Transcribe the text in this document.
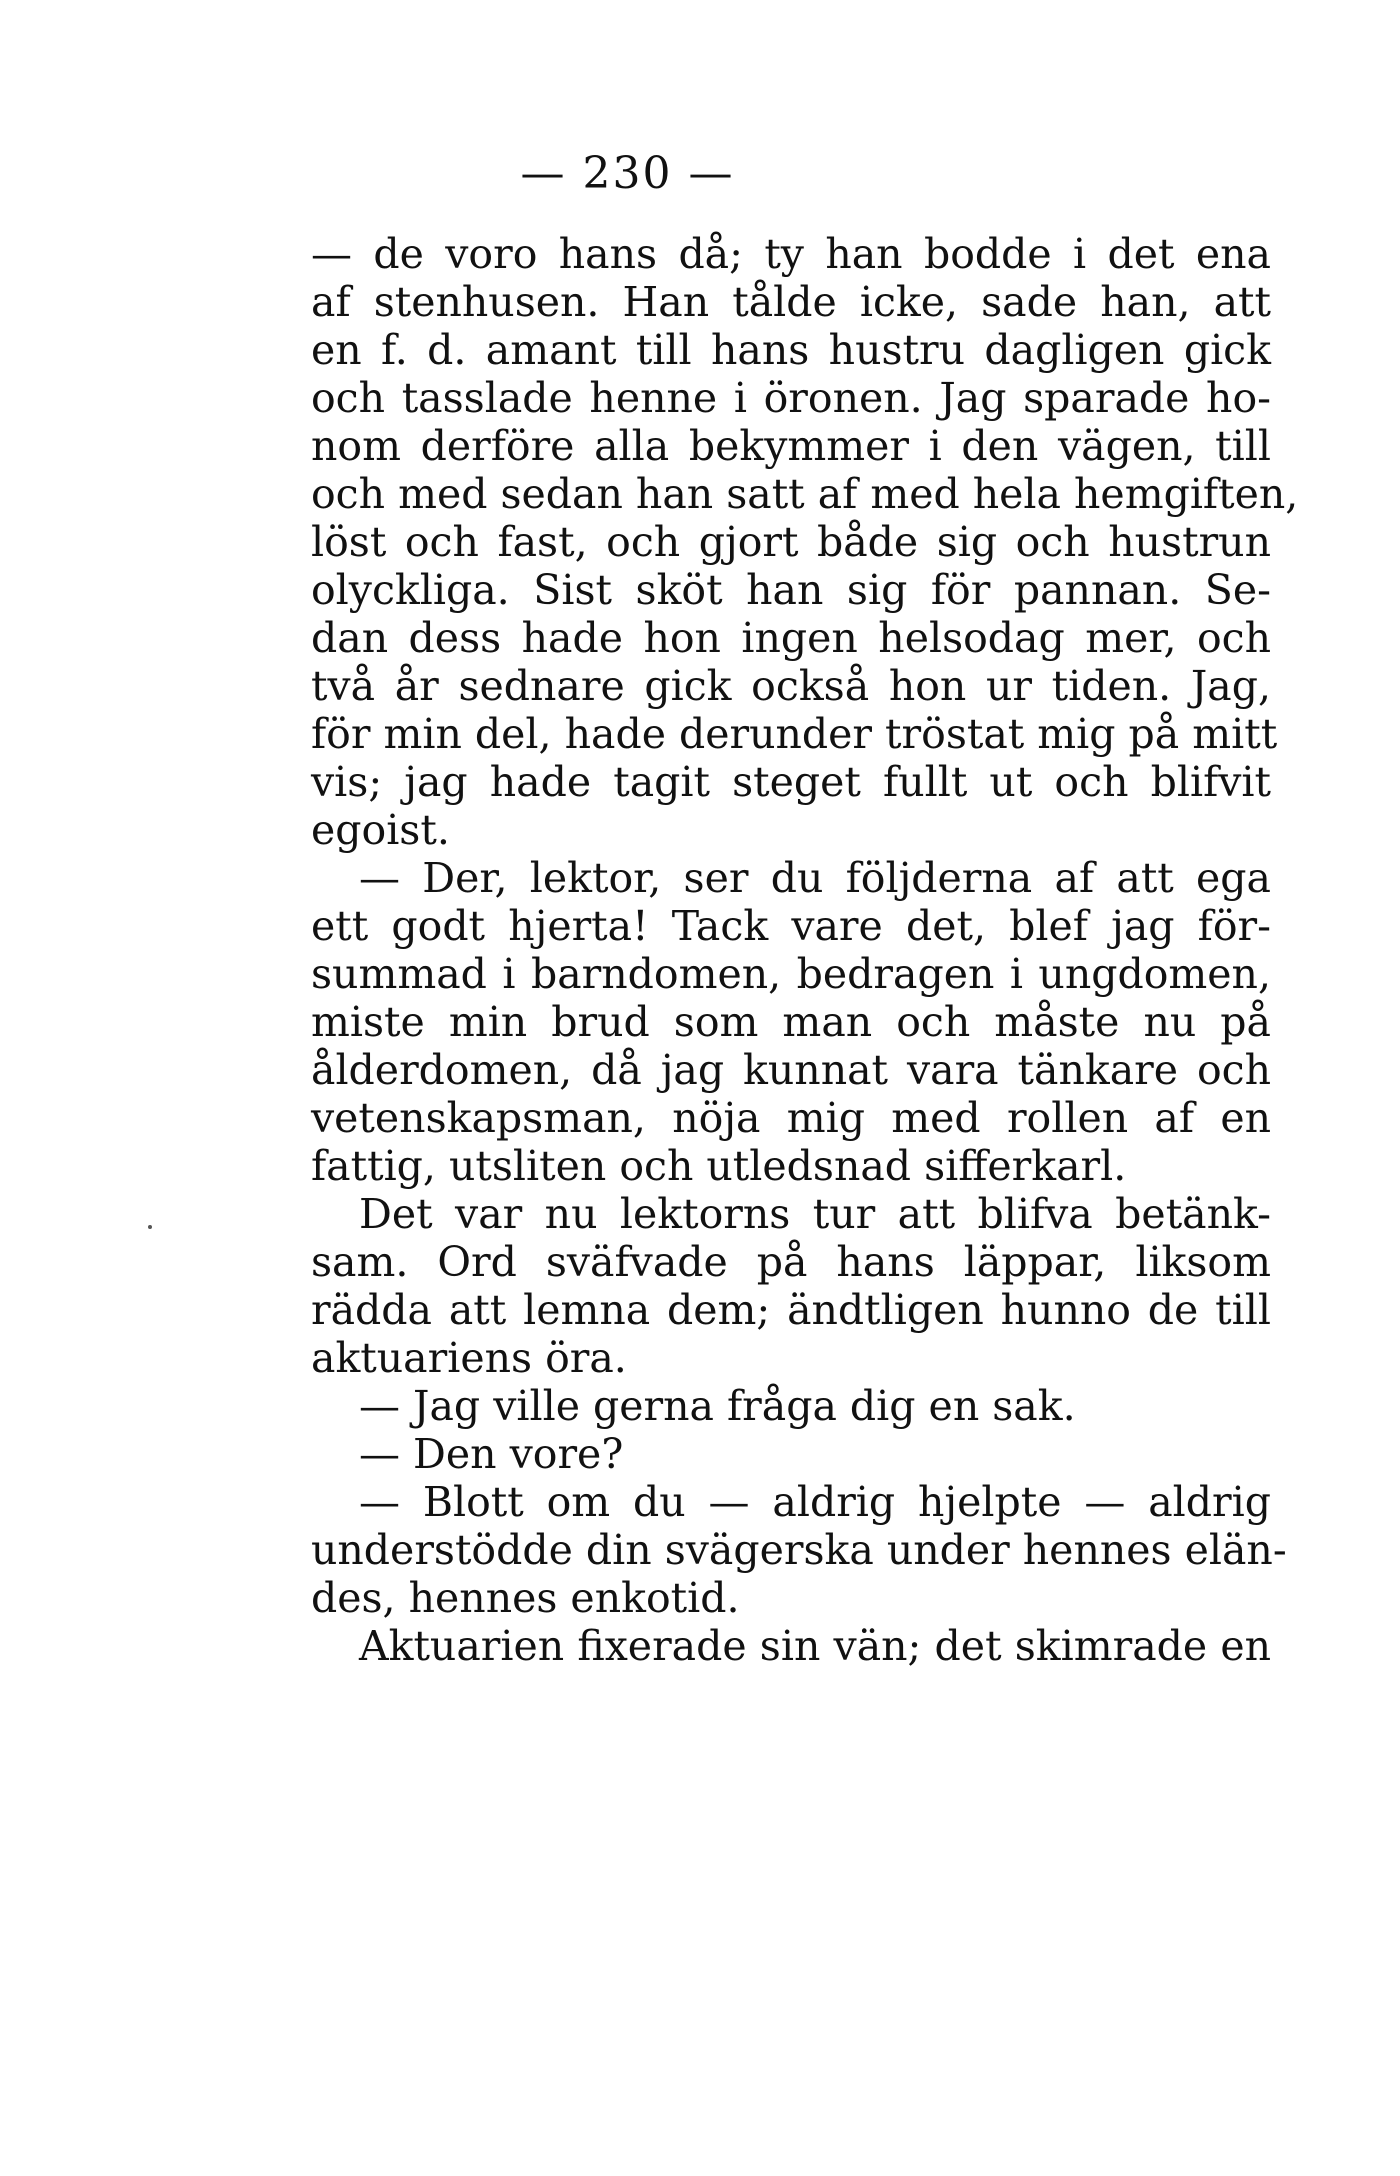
— 230 —
— de voro hans då; ty han bodde i det ena
af stenhusen. Han tålde icke, sade han, att
en f. d. amant till hans hustru dagligen gick
och tasslade henne i öronen. Jag sparade ho-
nom derföre alla bekymmer i den vägen, till
och med sedan han satt af med hela hemgiften,
löst och fast, och gjort både sig och hustrun
olyckliga. Sist sköt han sig för pannan. Se-
dan dess hade hon ingen helsodag mer, och
två år sednare gick också hon ur tiden. Jag,
för min del, hade derunder tröstat mig på mitt
vis; jag hade tagit steget fullt ut och blifvit
egoist.
— Der, lektor, ser du följderna af att ega
ett godt hjerta! Tack vare det, blef jag för-
summad i barndomen, bedragen i ungdomen,
miste min brud som man och måste nu på
ålderdomen, då jag kunnat vara tänkare och
vetenskapsman, nöja mig med rollen af en
fattig, utsliten och utledsnad sifferkarl.
Det var nu lektorns tur att blifva betänk-
sam. Ord sväfvade på hans läppar, liksom
rädda att lemna dem; ändtligen hunno de till
aktuariens öra.
— Jag ville gerna fråga dig en sak.
— Den vore?
— Blott om du — aldrig hjelpte — aldrig
understödde din svägerska under hennes elän-
des, hennes enkotid.
Aktuarien fixerade sin vän; det skimrade en
